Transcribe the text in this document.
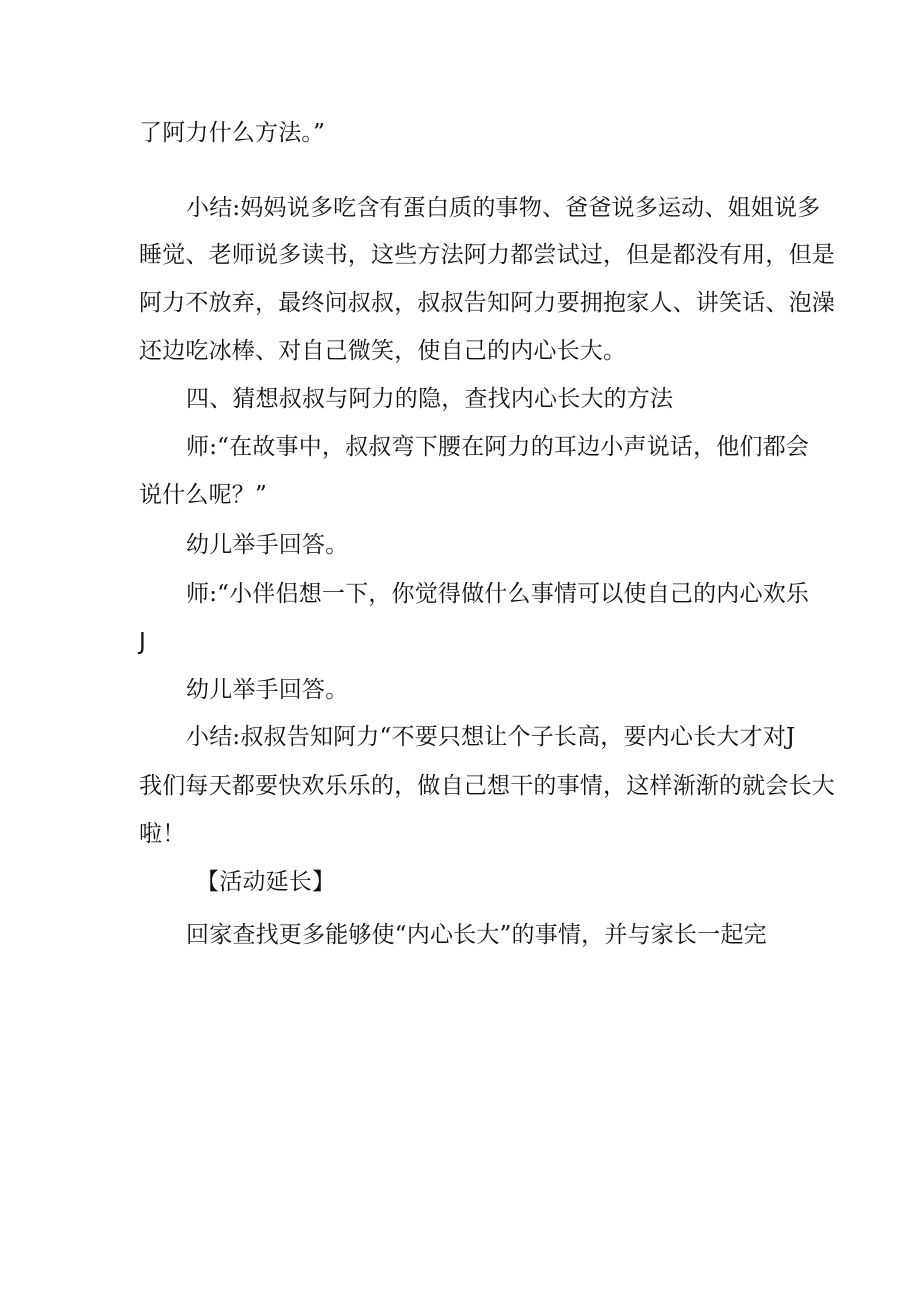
了阿力什么方法。”
小结:妈妈说多吃含有蛋白质的事物、爸爸说多运动、姐姐说多
睡觉、老师说多读书，这些方法阿力都尝试过，但是都没有用，但是
阿力不放弃，最终问叔叔，叔叔告知阿力要拥抱家人、讲笑话、泡澡
还边吃冰棒、对自己微笑，使自己的内心长大。
四、猜想叔叔与阿力的隐，查找内心长大的方法
师:“在故事中，叔叔弯下腰在阿力的耳边小声说话，他们都会
说什么呢？”
幼儿举手回答。
师:“小伴侣想一下，你觉得做什么事情可以使自己的内心欢乐
J
幼儿举手回答。
小结:叔叔告知阿力“不要只想让个子长高，要内心长大才对J
我们每天都要快欢乐乐的，做自己想干的事情，这样渐渐的就会长大
啦！
【活动延长】
回家查找更多能够使“内心长大”的事情，并与家长一起完
